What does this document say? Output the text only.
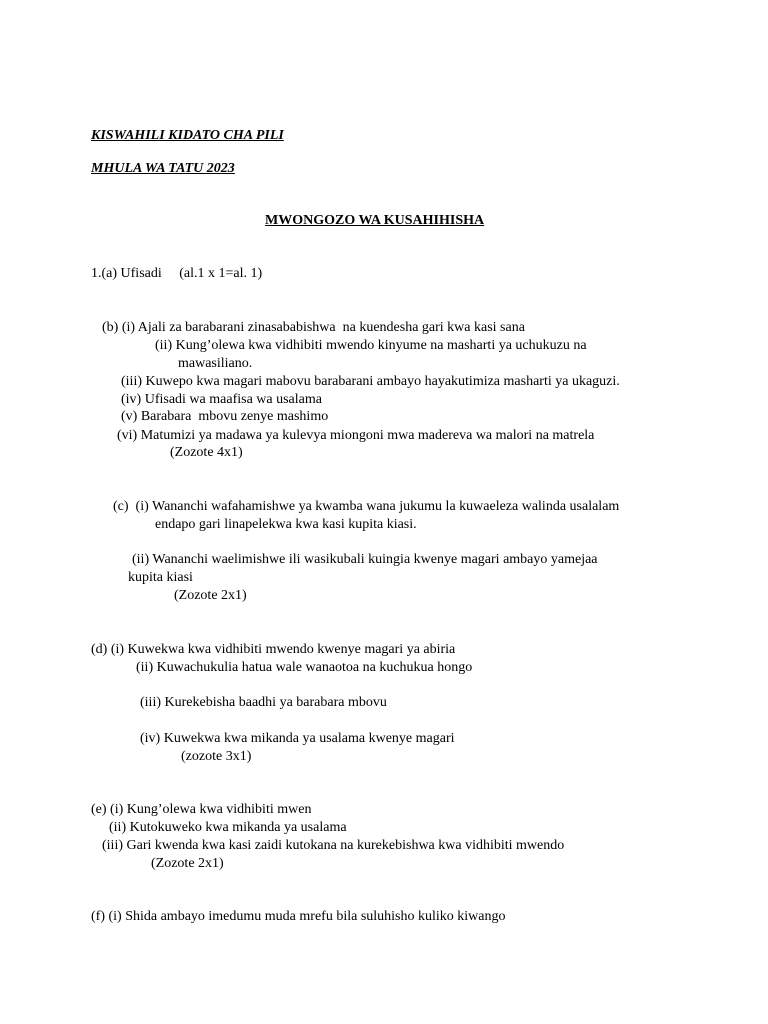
KISWAHILI KIDATO CHA PILI
MHULA WA TATU 2023
MWONGOZO WA KUSAHIHISHA
1.(a) Ufisadi     (al.1 x 1=al. 1)
(b) (i) Ajali za barabarani zinasababishwa  na kuendesha gari kwa kasi sana
(ii) Kung’olewa kwa vidhibiti mwendo kinyume na masharti ya uchukuzu na
mawasiliano.
(iii) Kuwepo kwa magari mabovu barabarani ambayo hayakutimiza masharti ya ukaguzi.
(iv) Ufisadi wa maafisa wa usalama
(v) Barabara  mbovu zenye mashimo
(vi) Matumizi ya madawa ya kulevya miongoni mwa madereva wa malori na matrela
(Zozote 4x1)
(c)  (i) Wananchi wafahamishwe ya kwamba wana jukumu la kuwaeleza walinda usalalam
endapo gari linapelekwa kwa kasi kupita kiasi.
(ii) Wananchi waelimishwe ili wasikubali kuingia kwenye magari ambayo yamejaa
kupita kiasi
(Zozote 2x1)
(d) (i) Kuwekwa kwa vidhibiti mwendo kwenye magari ya abiria
(ii) Kuwachukulia hatua wale wanaotoa na kuchukua hongo
(iii) Kurekebisha baadhi ya barabara mbovu
(iv) Kuwekwa kwa mikanda ya usalama kwenye magari
(zozote 3x1)
(e) (i) Kung’olewa kwa vidhibiti mwen
(ii) Kutokuweko kwa mikanda ya usalama
(iii) Gari kwenda kwa kasi zaidi kutokana na kurekebishwa kwa vidhibiti mwendo
(Zozote 2x1)
(f) (i) Shida ambayo imedumu muda mrefu bila suluhisho kuliko kiwango
